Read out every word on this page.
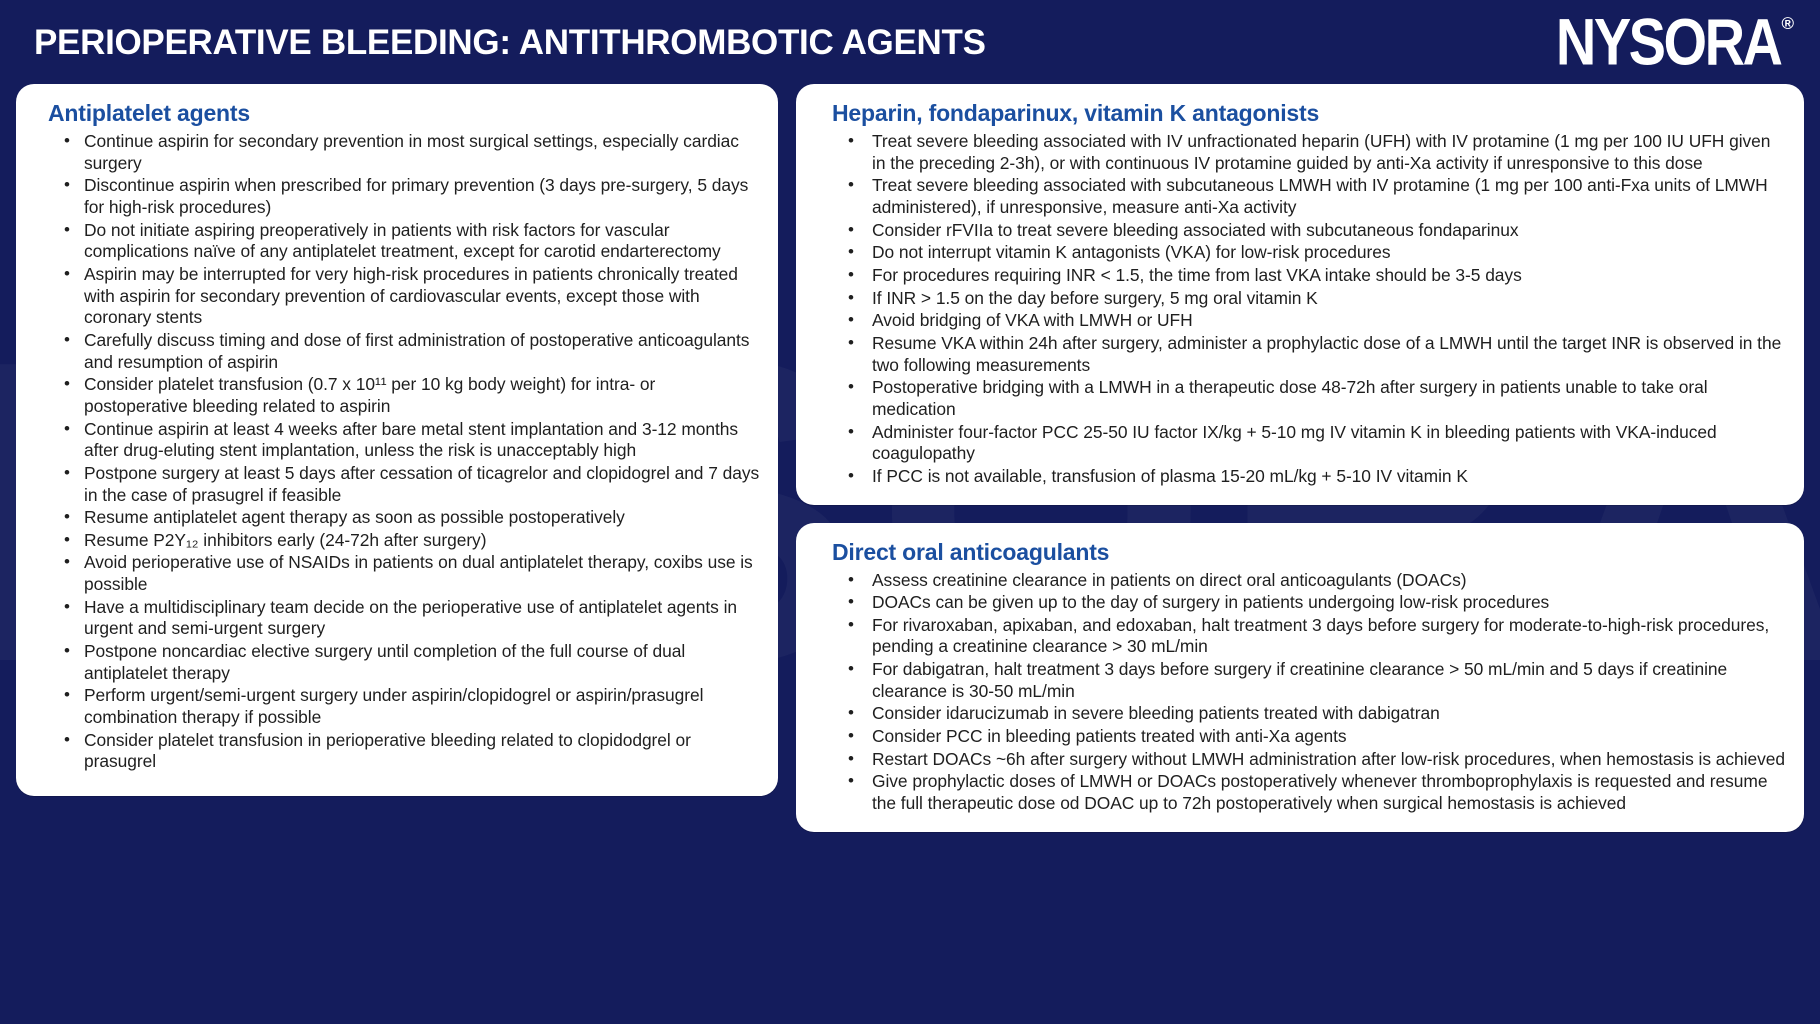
PERIOPERATIVE BLEEDING: ANTITHROMBOTIC AGENTS	NYSORA ®
Antiplatelet agents
• Continue aspirin for secondary prevention in most surgical settings, especially cardiac surgery
• Discontinue aspirin when prescribed for primary prevention (3 days pre-surgery, 5 days for high-risk procedures)
• Do not initiate aspiring preoperatively in patients with risk factors for vascular complications naïve of any antiplatelet treatment, except for carotid endarterectomy
• Aspirin may be interrupted for very high-risk procedures in patients chronically treated with aspirin for secondary prevention of cardiovascular events, except those with coronary stents
• Carefully discuss timing and dose of first administration of postoperative anticoagulants and resumption of aspirin
• Consider platelet transfusion (0.7 x 10¹¹ per 10 kg body weight) for intra- or postoperative bleeding related to aspirin
• Continue aspirin at least 4 weeks after bare metal stent implantation and 3-12 months after drug-eluting stent implantation, unless the risk is unacceptably high
• Postpone surgery at least 5 days after cessation of ticagrelor and clopidogrel and 7 days in the case of prasugrel if feasible
• Resume antiplatelet agent therapy as soon as possible postoperatively
• Resume P2Y₁₂ inhibitors early (24-72h after surgery)
• Avoid perioperative use of NSAIDs in patients on dual antiplatelet therapy, coxibs use is possible
• Have a multidisciplinary team decide on the perioperative use of antiplatelet agents in urgent and semi-urgent surgery
• Postpone noncardiac elective surgery until completion of the full course of dual antiplatelet therapy
• Perform urgent/semi-urgent surgery under aspirin/clopidogrel or aspirin/prasugrel combination therapy if possible
• Consider platelet transfusion in perioperative bleeding related to clopidodgrel or prasugrel
Heparin, fondaparinux, vitamin K antagonists
• Treat severe bleeding associated with IV unfractionated heparin (UFH) with IV protamine (1 mg per 100 IU UFH given in the preceding 2-3h), or with continuous IV protamine guided by anti-Xa activity if unresponsive to this dose
• Treat severe bleeding associated with subcutaneous LMWH with IV protamine (1 mg per 100 anti-Fxa units of LMWH administered), if unresponsive, measure anti-Xa activity
• Consider rFVIIa to treat severe bleeding associated with subcutaneous fondaparinux
• Do not interrupt vitamin K antagonists (VKA) for low-risk procedures
• For procedures requiring INR < 1.5, the time from last VKA intake should be 3-5 days
• If INR > 1.5 on the day before surgery, 5 mg oral vitamin K
• Avoid bridging of VKA with LMWH or UFH
• Resume VKA within 24h after surgery, administer a prophylactic dose of a LMWH until the target INR is observed in the two following measurements
• Postoperative bridging with a LMWH in a therapeutic dose 48-72h after surgery in patients unable to take oral medication
• Administer four-factor PCC 25-50 IU factor IX/kg + 5-10 mg IV vitamin K in bleeding patients with VKA-induced coagulopathy
• If PCC is not available, transfusion of plasma 15-20 mL/kg + 5-10 IV vitamin K
Direct oral anticoagulants
• Assess creatinine clearance in patients on direct oral anticoagulants (DOACs)
• DOACs can be given up to the day of surgery in patients undergoing low-risk procedures
• For rivaroxaban, apixaban, and edoxaban, halt treatment 3 days before surgery for moderate-to-high-risk procedures, pending a creatinine clearance > 30 mL/min
• For dabigatran, halt treatment 3 days before surgery if creatinine clearance > 50 mL/min and 5 days if creatinine clearance is 30-50 mL/min
• Consider idarucizumab in severe bleeding patients treated with dabigatran
• Consider PCC in bleeding patients treated with anti-Xa agents
• Restart DOACs ~6h after surgery without LMWH administration after low-risk procedures, when hemostasis is achieved
• Give prophylactic doses of LMWH or DOACs postoperatively whenever thromboprophylaxis is requested and resume the full therapeutic dose od DOAC up to 72h postoperatively when surgical hemostasis is achieved
